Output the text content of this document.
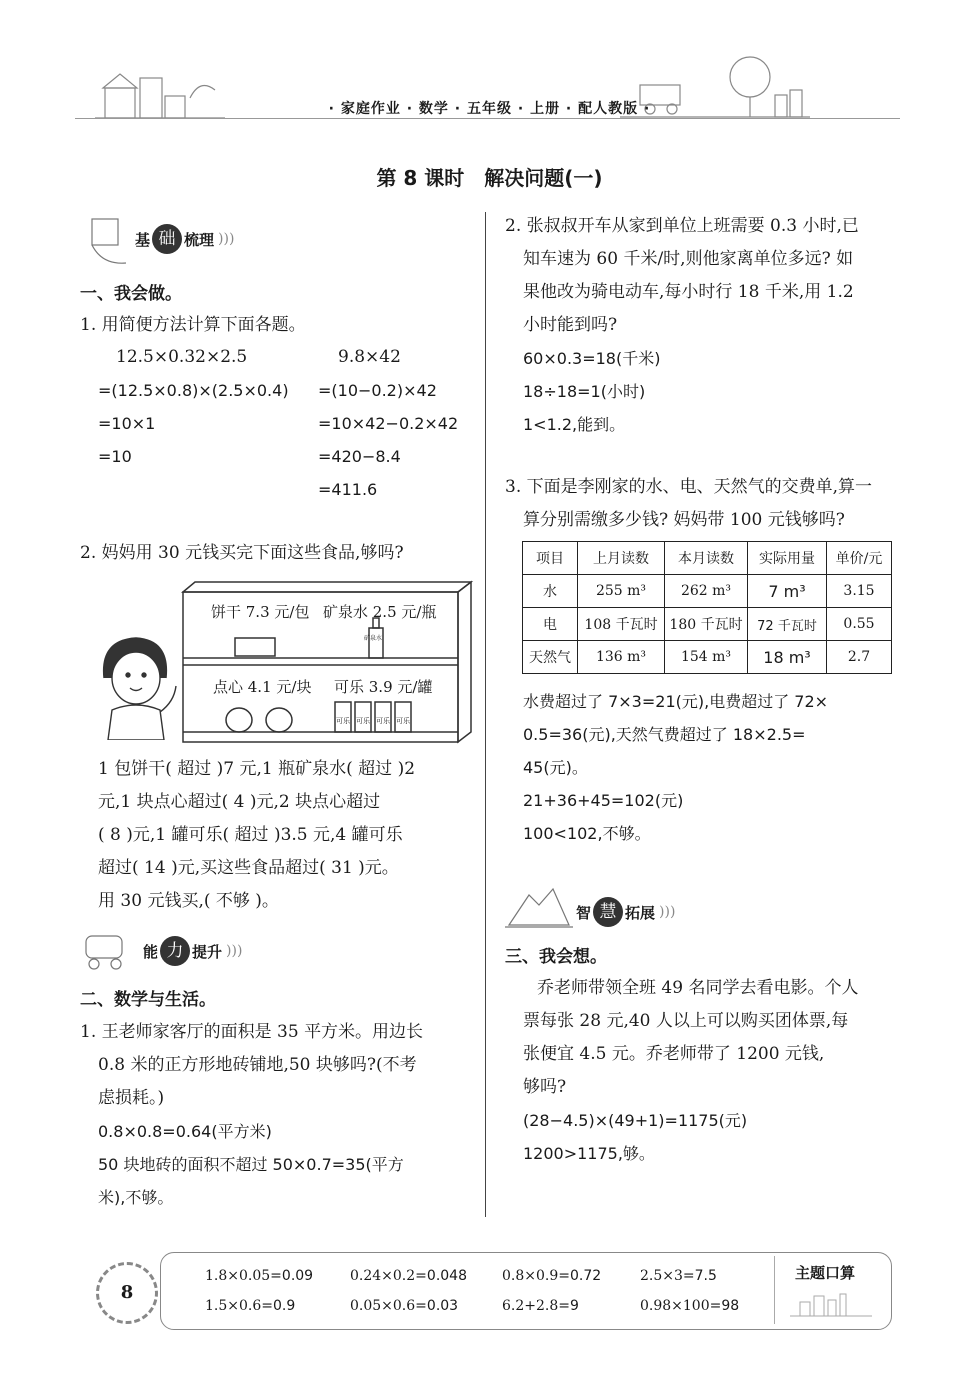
· 家庭作业 · 数学 · 五年级 · 上册 · 配人教版 ·
第 8 课时　解决问题(一)
基 础 梳理 )))
一、我会做。
1. 用简便方法计算下面各题。
12.5×0.32×2.5
=(12.5×0.8)×(2.5×0.4)
=10×1
=10
9.8×42
=(10−0.2)×42
=10×42−0.2×42
=420−8.4
=411.6
2. 妈妈用 30 元钱买完下面这些食品,够吗?
饼干 7.3 元/包 矿泉水 2.5 元/瓶
点心 4.1 元/块 可乐 3.9 元/罐
矿泉水
可乐 可乐 可乐 可乐
1 包饼干( 超过 )7 元,1 瓶矿泉水( 超过 )2
元,1 块点心超过( 4 )元,2 块点心超过
( 8 )元,1 罐可乐( 超过 )3.5 元,4 罐可乐
超过( 14 )元,买这些食品超过( 31 )元。
用 30 元钱买,( 不够 )。
能 力 提升 )))
二、数学与生活。
1. 王老师家客厅的面积是 35 平方米。用边长
0.8 米的正方形地砖铺地,50 块够吗?(不考
虑损耗。)
0.8×0.8=0.64(平方米)
50 块地砖的面积不超过 50×0.7=35(平方
米),不够。
2. 张叔叔开车从家到单位上班需要 0.3 小时,已
知车速为 60 千米/时,则他家离单位多远? 如
果他改为骑电动车,每小时行 18 千米,用 1.2
小时能到吗?
60×0.3=18(千米)
18÷18=1(小时)
1<1.2,能到。
3. 下面是李刚家的水、电、天然气的交费单,算一
算分别需缴多少钱? 妈妈带 100 元钱够吗?
项目	上月读数	本月读数	实际用量	单价/元
水	255 m³	262 m³	7 m³	3.15
电	108 千瓦时	180 千瓦时	72 千瓦时	0.55
天然气	136 m³	154 m³	18 m³	2.7
水费超过了 7×3=21(元),电费超过了 72×
0.5=36(元),天然气费超过了 18×2.5=
45(元)。
21+36+45=102(元)
100<102,不够。
智 慧 拓展 )))
三、我会想。
乔老师带领全班 49 名同学去看电影。个人
票每张 28 元,40 人以上可以购买团体票,每
张便宜 4.5 元。乔老师带了 1200 元钱,
够吗?
(28−4.5)×(49+1)=1175(元)
1200>1175,够。
8
主题口算
1.8×0.05=0.09	0.24×0.2=0.048	0.8×0.9=0.72	2.5×3=7.5
1.5×0.6=0.9	0.05×0.6=0.03	6.2+2.8=9	0.98×100=98
